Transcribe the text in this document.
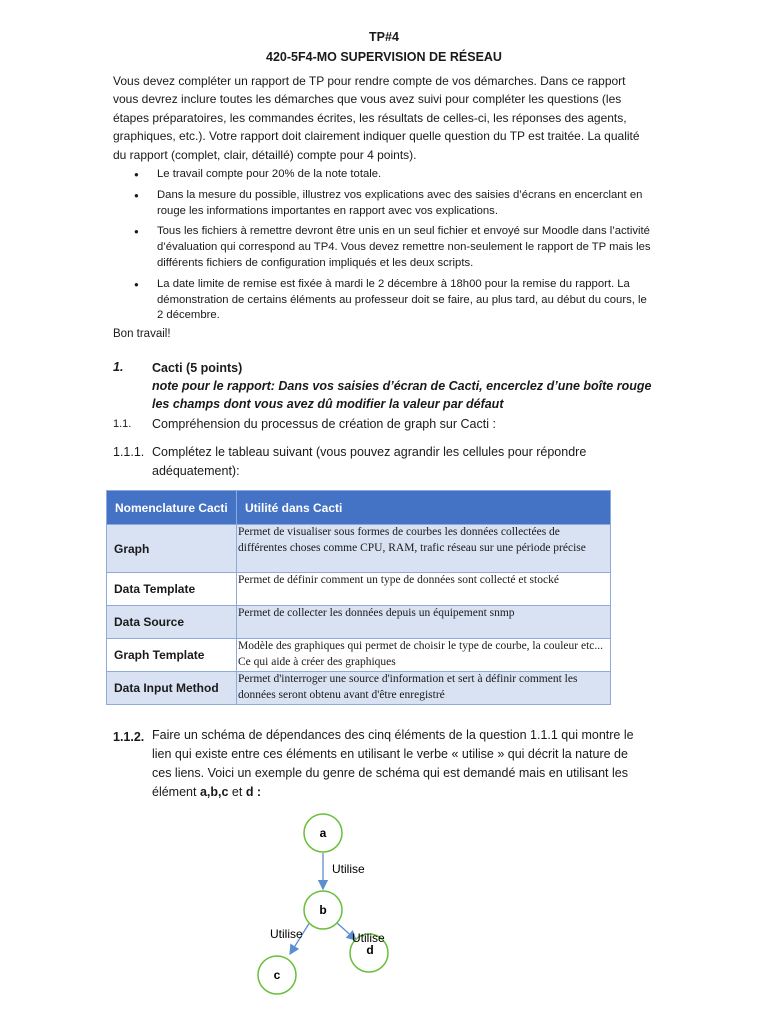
TP#4
420-5F4-MO SUPERVISION DE RÉSEAU
Vous devez compléter un rapport de TP pour rendre compte de vos démarches. Dans ce rapport vous devrez inclure toutes les démarches que vous avez suivi pour compléter les questions (les étapes préparatoires, les commandes écrites, les résultats de celles-ci, les réponses des agents, graphiques, etc.). Votre rapport doit clairement indiquer quelle question du TP est traitée. La qualité du rapport (complet, clair, détaillé) compte pour 4 points).
● Le travail compte pour 20% de la note totale.
● Dans la mesure du possible, illustrez vos explications avec des saisies d’écrans en encerclant en rouge les informations importantes en rapport avec vos explications.
● Tous les fichiers à remettre devront être unis en un seul fichier et envoyé sur Moodle dans l’activité d’évaluation qui correspond au TP4. Vous devez remettre non-seulement le rapport de TP mais les différents fichiers de configuration impliqués et les deux scripts.
● La date limite de remise est fixée à mardi le 2 décembre à 18h00 pour la remise du rapport. La démonstration de certains éléments au professeur doit se faire, au plus tard, au début du cours, le 2 décembre.
Bon travail!
1. Cacti (5 points)
note pour le rapport: Dans vos saisies d’écran de Cacti, encerclez d’une boîte rouge les champs dont vous avez dû modifier la valeur par défaut
1.1. Compréhension du processus de création de graph sur Cacti :
1.1.1. Complétez le tableau suivant (vous pouvez agrandir les cellules pour répondre adéquatement):
Nomenclature Cacti	Utilité dans Cacti
Graph	Permet de visualiser sous formes de courbes les données collectées de différentes choses comme CPU, RAM, trafic réseau sur une période précise
Data Template	Permet de définir comment un type de données sont collecté et stocké
Data Source	Permet de collecter les données depuis un équipement snmp
Graph Template	Modèle des graphiques qui permet de choisir le type de courbe, la couleur etc... Ce qui aide à créer des graphiques
Data Input Method	Permet d'interroger une source d'information et sert à définir comment les données seront obtenu avant d'être enregistré
1.1.2. Faire un schéma de dépendances des cinq éléments de la question 1.1.1 qui montre le lien qui existe entre ces éléments en utilisant le verbe « utilise » qui décrit la nature de ces liens. Voici un exemple du genre de schéma qui est demandé mais en utilisant les élément a,b,c et d :
a
b
c
d
Utilise
Utilise	Utilise
